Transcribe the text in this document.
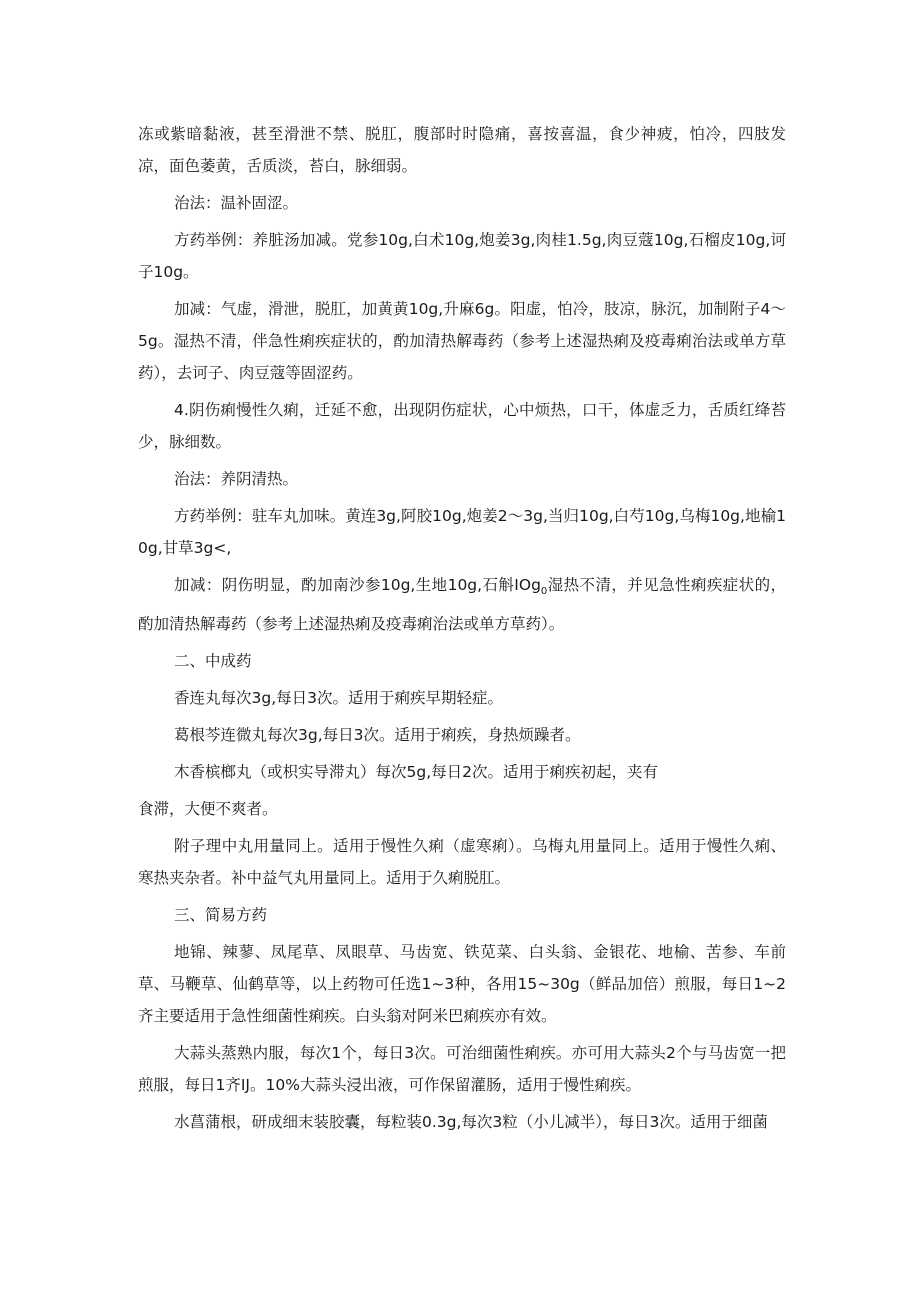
冻或紫暗黏液，甚至滑泄不禁、脱肛，腹部时时隐痛，喜按喜温，食少神疲，怕冷，四肢发凉，面色萎黄，舌质淡，苔白，脉细弱。

治法：温补固涩。

方药举例：养脏汤加减。党参10g,白术10g,炮姜3g,肉桂1.5g,肉豆蔻10g,石榴皮10g,诃子10g。

加减：气虚，滑泄，脱肛，加黄黄10g,升麻6g。阳虚，怕冷，肢凉，脉沉，加制附子4～5g。湿热不清，伴急性痢疾症状的，酌加清热解毒药（参考上述湿热痢及疫毒痢治法或单方草药），去诃子、肉豆蔻等固涩药。

4.阴伤痢慢性久痢，迁延不愈，出现阴伤症状，心中烦热，口干，体虚乏力，舌质红绛苔少，脉细数。

治法：养阴清热。

方药举例：驻车丸加味。黄连3g,阿胶10g,炮姜2～3g,当归10g,白芍10g,乌梅10g,地榆10g,甘草3g<,

加减：阴伤明显，酌加南沙参10g,生地10g,石斛IOg$_0$湿热不清，并见急性痢疾症状的，酌加清热解毒药（参考上述湿热痢及疫毒痢治法或单方草药）。

二、中成药

香连丸每次3g,每日3次。适用于痢疾早期轻症。

葛根芩连微丸每次3g,每日3次。适用于痢疾，身热烦躁者。

木香槟榔丸（或枳实导滞丸）每次5g,每日2次。适用于痢疾初起，夹有

食滞，大便不爽者。

附子理中丸用量同上。适用于慢性久痢（虚寒痢）。乌梅丸用量同上。适用于慢性久痢、寒热夹杂者。补中益气丸用量同上。适用于久痢脱肛。

三、简易方药

地锦、辣蓼、凤尾草、凤眼草、马齿宽、铁苋菜、白头翁、金银花、地榆、苦参、车前草、马鞭草、仙鹤草等，以上药物可任选1~3种，各用15~30g（鲜品加倍）煎服，每日1~2齐主要适用于急性细菌性痢疾。白头翁对阿米巴痢疾亦有效。

大蒜头蒸熟内服，每次1个，每日3次。可治细菌性痢疾。亦可用大蒜头2个与马齿宽一把煎服，每日1齐IJ。10%大蒜头浸出液，可作保留灌肠，适用于慢性痢疾。

水菖蒲根，研成细末装胶囊，每粒装0.3g,每次3粒（小儿减半），每日3次。适用于细菌
